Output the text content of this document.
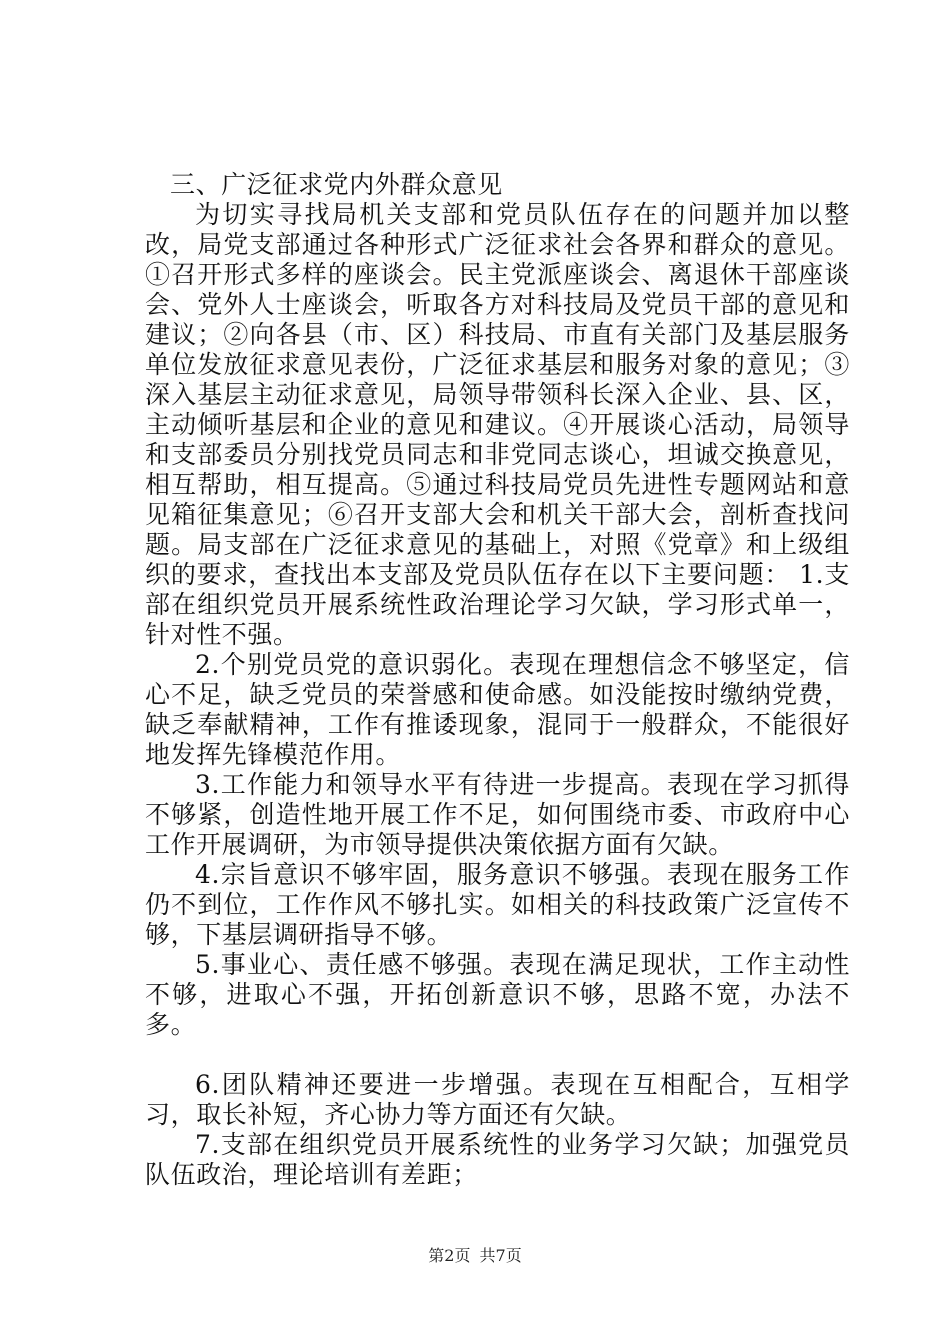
三、广泛征求党内外群众意见

为切实寻找局机关支部和党员队伍存在的问题并加以整改，局党支部通过各种形式广泛征求社会各界和群众的意见。①召开形式多样的座谈会。民主党派座谈会、离退休干部座谈会、党外人士座谈会，听取各方对科技局及党员干部的意见和建议；②向各县（市、区）科技局、市直有关部门及基层服务单位发放征求意见表份，广泛征求基层和服务对象的意见；③深入基层主动征求意见，局领导带领科长深入企业、县、区，主动倾听基层和企业的意见和建议。④开展谈心活动，局领导和支部委员分别找党员同志和非党同志谈心，坦诚交换意见，相互帮助，相互提高。⑤通过科技局党员先进性专题网站和意见箱征集意见；⑥召开支部大会和机关干部大会，剖析查找问题。局支部在广泛征求意见的基础上，对照《党章》和上级组织的要求，查找出本支部及党员队伍存在以下主要问题： 1.支部在组织党员开展系统性政治理论学习欠缺，学习形式单一，针对性不强。

2.个别党员党的意识弱化。表现在理想信念不够坚定，信心不足，缺乏党员的荣誉感和使命感。如没能按时缴纳党费，缺乏奉献精神，工作有推诿现象，混同于一般群众，不能很好地发挥先锋模范作用。

3.工作能力和领导水平有待进一步提高。表现在学习抓得不够紧，创造性地开展工作不足，如何围绕市委、市政府中心工作开展调研，为市领导提供决策依据方面有欠缺。

4.宗旨意识不够牢固，服务意识不够强。表现在服务工作仍不到位，工作作风不够扎实。如相关的科技政策广泛宣传不够，下基层调研指导不够。

5.事业心、责任感不够强。表现在满足现状，工作主动性不够，进取心不强，开拓创新意识不够，思路不宽，办法不多。

6.团队精神还要进一步增强。表现在互相配合，互相学习，取长补短，齐心协力等方面还有欠缺。

7.支部在组织党员开展系统性的业务学习欠缺；加强党员队伍政治，理论培训有差距；

第2页 共7页
